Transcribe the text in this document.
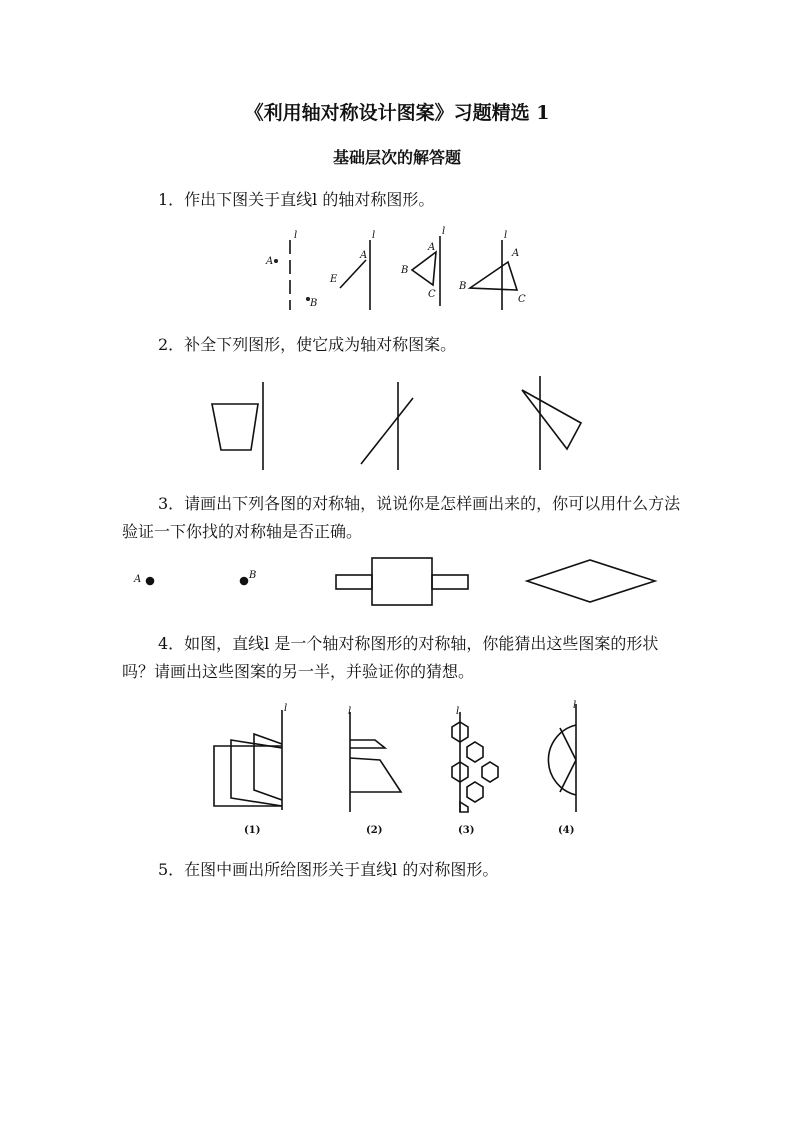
《利用轴对称设计图案》习题精选 1
基础层次的解答题
1．作出下图关于直线l 的轴对称图形。
l
A
B
l
A
E
l
A
B
C
l
A
B
C
2．补全下列图形，使它成为轴对称图案。
3．请画出下列各图的对称轴，说说你是怎样画出来的，你可以用什么方法验证一下你找的对称轴是否正确。
A	B
4．如图，直线l 是一个轴对称图形的对称轴，你能猜出这些图案的形状吗？请画出这些图案的另一半，并验证你的猜想。
l	l	l
l
(1)	(2)	(3)	(4)
5．在图中画出所给图形关于直线l 的对称图形。
